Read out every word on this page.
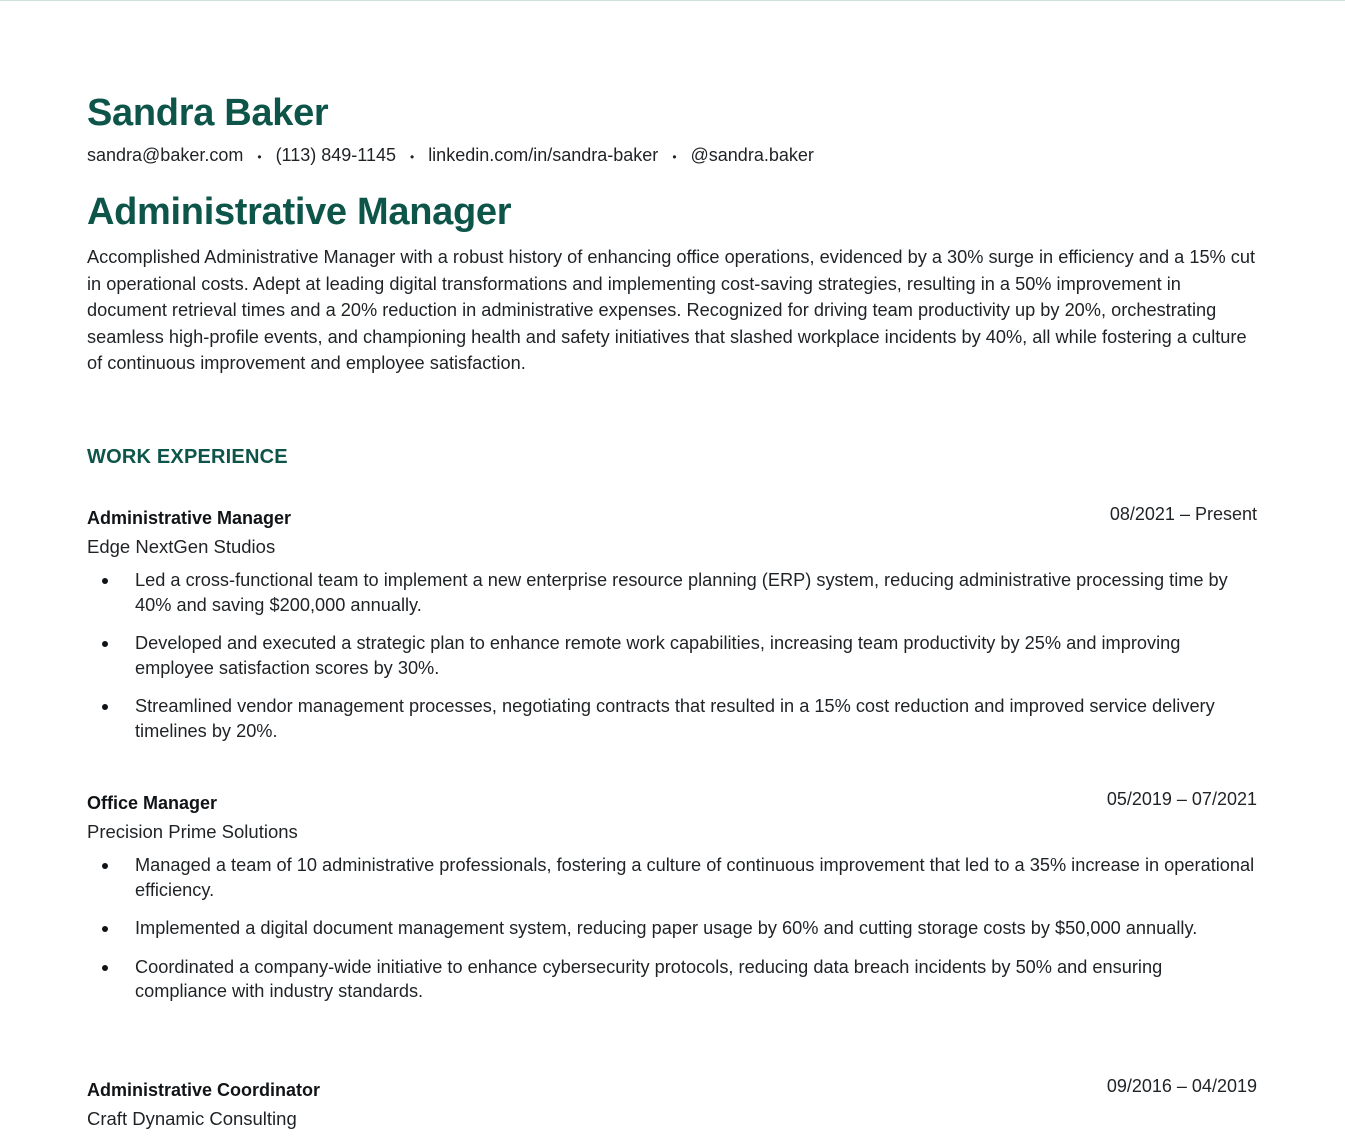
Sandra Baker
sandra@baker.com • (113) 849-1145 • linkedin.com/in/sandra-baker • @sandra.baker
Administrative Manager

Accomplished Administrative Manager with a robust history of enhancing office operations, evidenced by a 30% surge in efficiency and a 15% cut in operational costs. Adept at leading digital transformations and implementing cost-saving strategies, resulting in a 50% improvement in document retrieval times and a 20% reduction in administrative expenses. Recognized for driving team productivity up by 20%, orchestrating seamless high-profile events, and championing health and safety initiatives that slashed workplace incidents by 40%, all while fostering a culture of continuous improvement and employee satisfaction.

WORK EXPERIENCE
Administrative Manager	08/2021 – Present
Edge NextGen Studios
Led a cross-functional team to implement a new enterprise resource planning (ERP) system, reducing administrative processing time by 40% and saving $200,000 annually.
Developed and executed a strategic plan to enhance remote work capabilities, increasing team productivity by 25% and improving employee satisfaction scores by 30%.
Streamlined vendor management processes, negotiating contracts that resulted in a 15% cost reduction and improved service delivery timelines by 20%.
Office Manager	05/2019 – 07/2021
Precision Prime Solutions
Managed a team of 10 administrative professionals, fostering a culture of continuous improvement that led to a 35% increase in operational efficiency.
Implemented a digital document management system, reducing paper usage by 60% and cutting storage costs by $50,000 annually.
Coordinated a company-wide initiative to enhance cybersecurity protocols, reducing data breach incidents by 50% and ensuring compliance with industry standards.
Administrative Coordinator	09/2016 – 04/2019
Craft Dynamic Consulting
